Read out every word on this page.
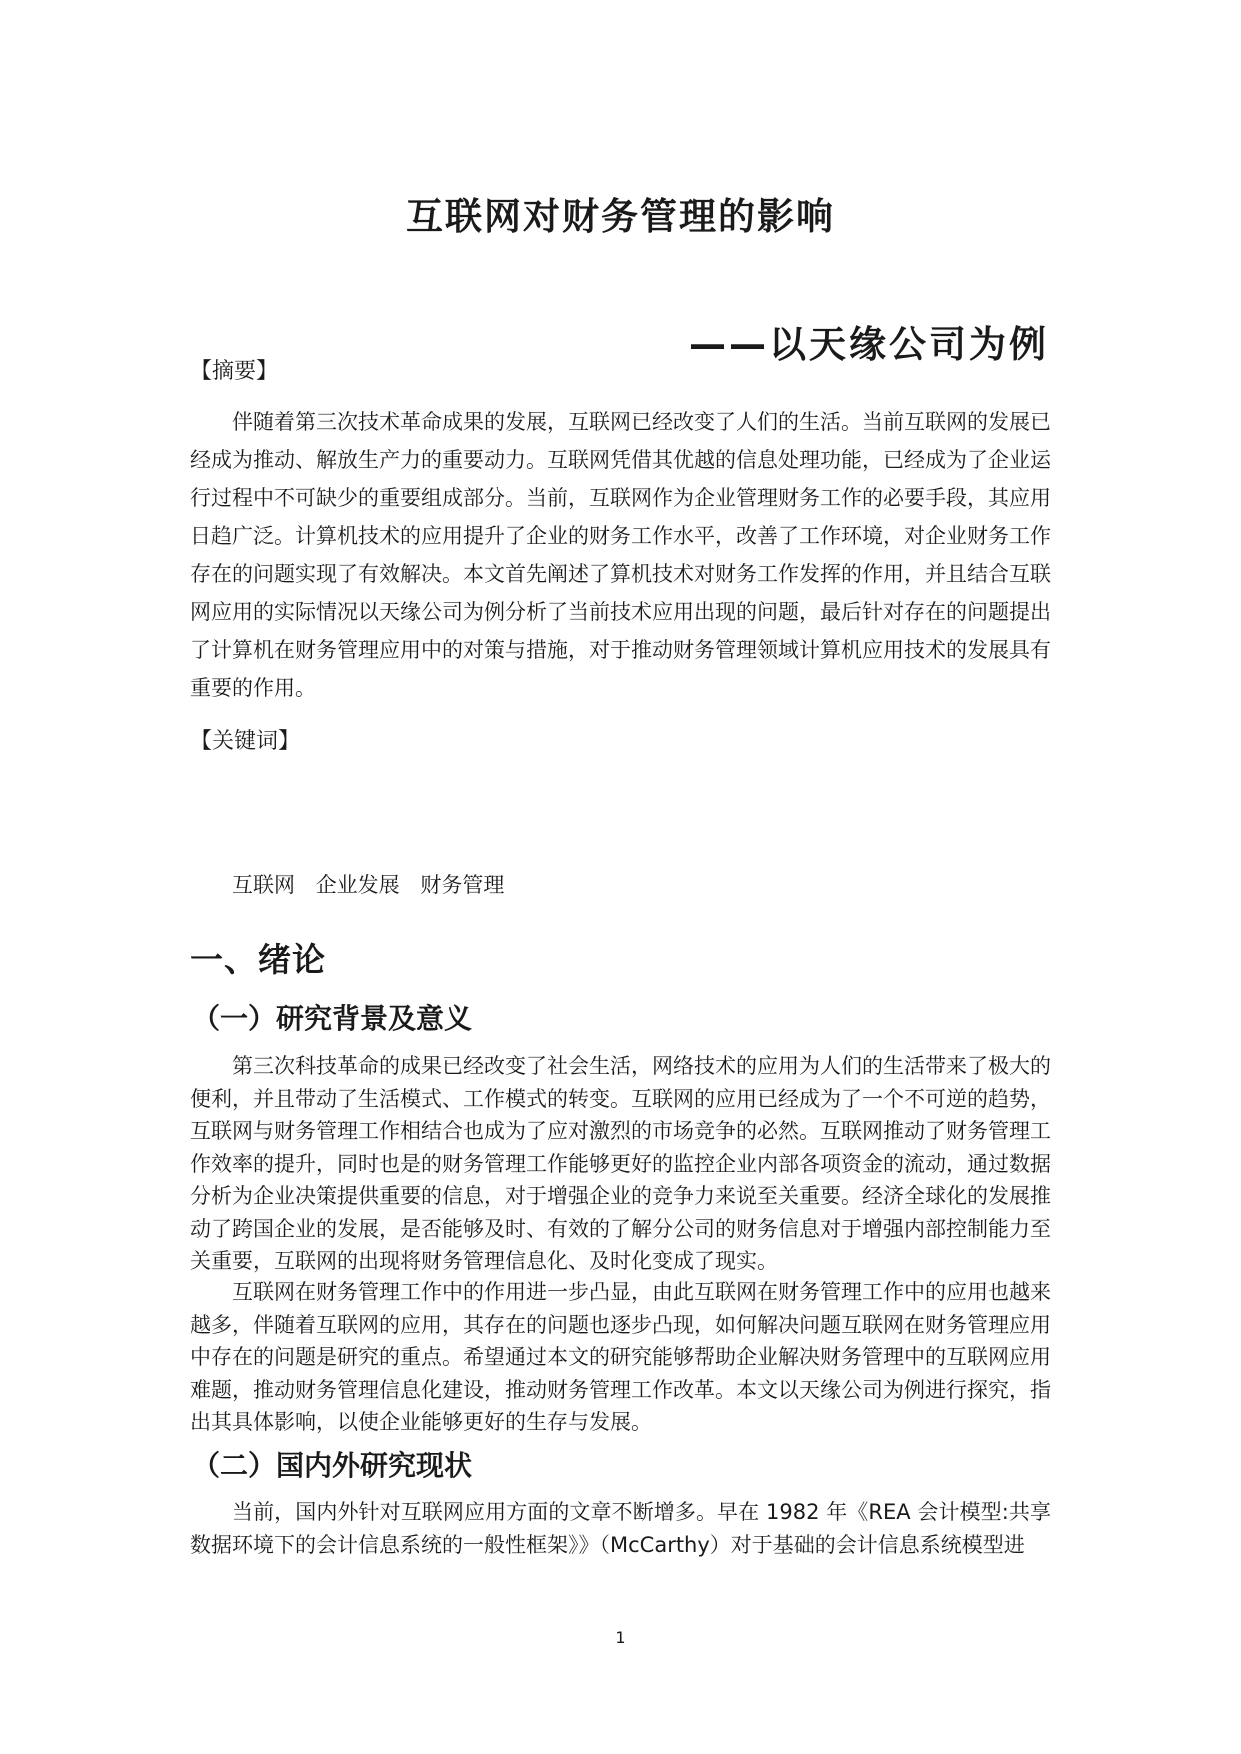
互联网对财务管理的影响
——以天缘公司为例
【摘要】

伴随着第三次技术革命成果的发展，互联网已经改变了人们的生活。当前互联网的发展已经成为推动、解放生产力的重要动力。互联网凭借其优越的信息处理功能，已经成为了企业运行过程中不可缺少的重要组成部分。当前，互联网作为企业管理财务工作的必要手段，其应用日趋广泛。计算机技术的应用提升了企业的财务工作水平，改善了工作环境，对企业财务工作存在的问题实现了有效解决。本文首先阐述了算机技术对财务工作发挥的作用，并且结合互联网应用的实际情况以天缘公司为例分析了当前技术应用出现的问题，最后针对存在的问题提出了计算机在财务管理应用中的对策与措施，对于推动财务管理领域计算机应用技术的发展具有重要的作用。

【关键词】
互联网 企业发展 财务管理
一、绪论
（一）研究背景及意义

第三次科技革命的成果已经改变了社会生活，网络技术的应用为人们的生活带来了极大的便利，并且带动了生活模式、工作模式的转变。互联网的应用已经成为了一个不可逆的趋势，互联网与财务管理工作相结合也成为了应对激烈的市场竞争的必然。互联网推动了财务管理工作效率的提升，同时也是的财务管理工作能够更好的监控企业内部各项资金的流动，通过数据分析为企业决策提供重要的信息，对于增强企业的竞争力来说至关重要。经济全球化的发展推动了跨国企业的发展，是否能够及时、有效的了解分公司的财务信息对于增强内部控制能力至关重要，互联网的出现将财务管理信息化、及时化变成了现实。

互联网在财务管理工作中的作用进一步凸显，由此互联网在财务管理工作中的应用也越来越多，伴随着互联网的应用，其存在的问题也逐步凸现，如何解决问题互联网在财务管理应用中存在的问题是研究的重点。希望通过本文的研究能够帮助企业解决财务管理中的互联网应用难题，推动财务管理信息化建设，推动财务管理工作改革。本文以天缘公司为例进行探究，指出其具体影响，以使企业能够更好的生存与发展。

（二）国内外研究现状

当前，国内外针对互联网应用方面的文章不断增多。早在 1982 年《REA 会计模型:共享数据环境下的会计信息系统的一般性框架》》（McCarthy）对于基础的会计信息系统模型进

1
